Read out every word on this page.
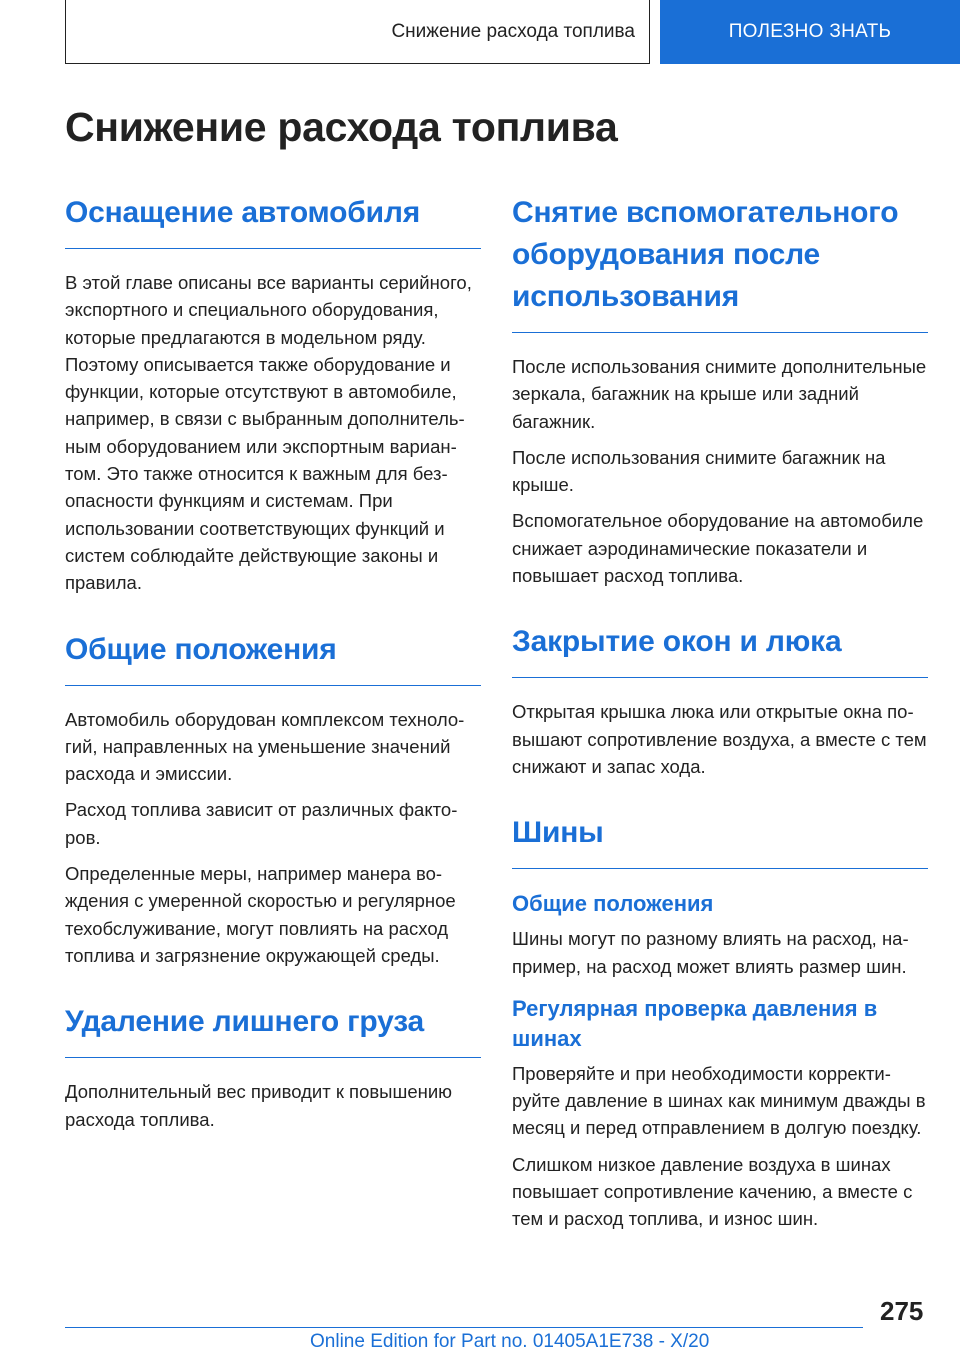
Снижение расхода топлива	ПОЛЕЗНО ЗНАТЬ
Снижение расхода топлива
Оснащение автомобиля

В этой главе описаны все варианты серийного, экспортного и специального оборудования, которые предлагаются в модельном ряду. Поэтому описывается также оборудование и функции, которые отсутствуют в автомобиле, например, в связи с выбранным дополнительным оборудованием или экспортным вариантом. Это также относится к важным для безопасности функциям и системам. При использовании соответствующих функций и систем соблюдайте действующие законы и правила.

Общие положения

Автомобиль оборудован комплексом технологий, направленных на уменьшение значений расхода и эмиссии.

Расход топлива зависит от различных факторов.

Определенные меры, например манера вождения с умеренной скоростью и регулярное техобслуживание, могут повлиять на расход топлива и загрязнение окружающей среды.

Удаление лишнего груза

Дополнительный вес приводит к повышению расхода топлива.

Снятие вспомогательного оборудования после использования

После использования снимите дополнительные зеркала, багажник на крыше или задний багажник.

После использования снимите багажник на крыше.

Вспомогательное оборудование на автомобиле снижает аэродинамические показатели и повышает расход топлива.

Закрытие окон и люка

Открытая крышка люка или открытые окна повышают сопротивление воздуха, а вместе с тем снижают и запас хода.

Шины
Общие положения

Шины могут по разному влиять на расход, например, на расход может влиять размер шин.

Регулярная проверка давления в шинах

Проверяйте и при необходимости корректируйте давление в шинах как минимум дважды в месяц и перед отправлением в долгую поездку.

Слишком низкое давление воздуха в шинах повышает сопротивление качению, а вместе с тем и расход топлива, и износ шин.

275
Online Edition for Part no. 01405A1E738 - X/20
